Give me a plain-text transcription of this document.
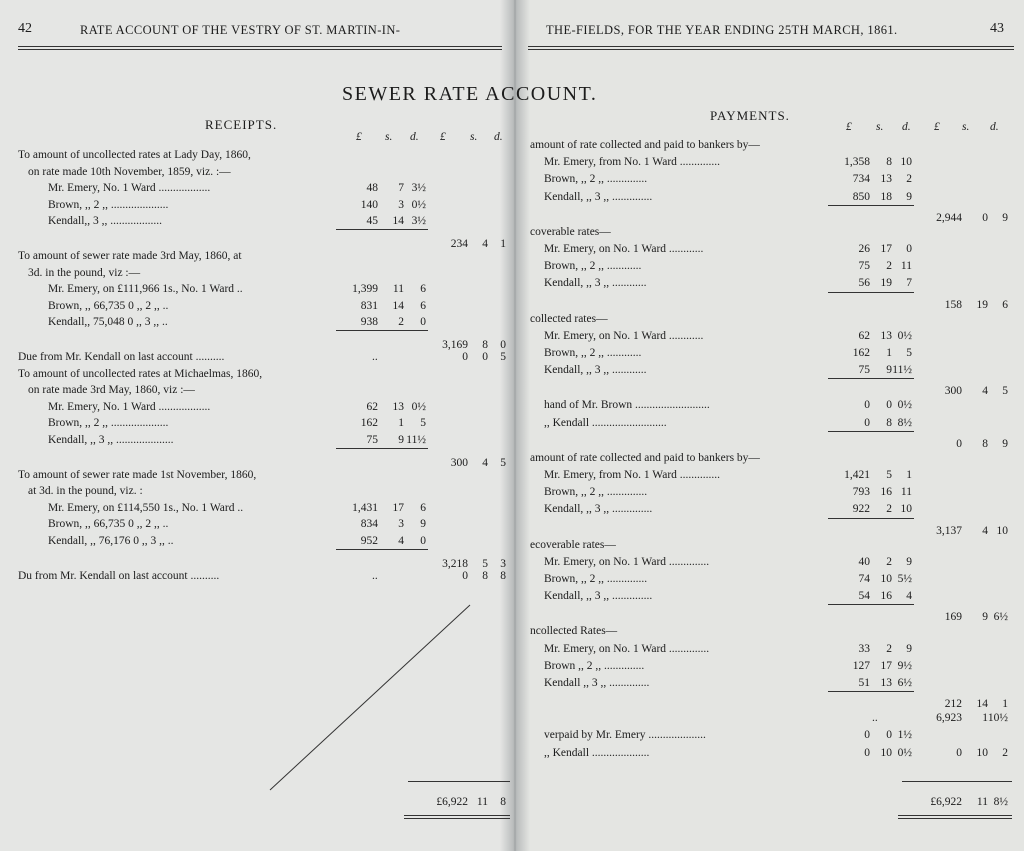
42	RATE ACCOUNT OF THE VESTRY OF ST. MARTIN-IN-	THE-FIELDS, FOR THE YEAR ENDING 25TH MARCH, 1861.	43
SEWER RATE ACCOUNT.
RECEIPTS.
PAYMENTS.
£ s. d. £ s. d.
To amount of uncollected rates at Lady Day, 1860,
on rate made 10th November, 1859, viz. :—
Mr. Emery, No. 1 Ward ..................	48	7 3½
Brown, ,, 2 ,, ....................	140	3 0½
Kendall,, 3 ,, ..................	45	14 3½
234	4	1
To amount of sewer rate made 3rd May, 1860, at
3d. in the pound, viz :—
Mr. Emery, on £111,966 1s., No. 1 Ward ..	1,399	11	6
Brown, ,, 66,735 0 ,, 2 ,, ..	831	14	6
Kendall,, 75,048 0 ,, 3 ,, ..	938	2	0
3,169	8	0
Due from Mr. Kendall on last account ..........	..	0	0	5
To amount of uncollected rates at Michaelmas, 1860,
on rate made 3rd May, 1860, viz :—
Mr. Emery, No. 1 Ward ..................	62	13 0½
Brown, ,, 2 ,, ....................	162	1	5
Kendall, ,, 3 ,, ....................	75	9 11½
300	4	5
To amount of sewer rate made 1st November, 1860,
at 3d. in the pound, viz. :
Mr. Emery, on £114,550 1s., No. 1 Ward ..	1,431	17	6
Brown, ,, 66,735 0 ,, 2 ,, ..	834	3	9
Kendall, ,, 76,176 0 ,, 3 ,, ..	952	4	0
3,218	5	3
Du from Mr. Kendall on last account ..........	..	0	8	8
£6,922 11	8
£ s. d. £ s. d.
amount of rate collected and paid to bankers by—
Mr. Emery, from No. 1 Ward ..............	1,358	8 10
Brown, ,, 2 ,, ..............	734 13	2
Kendall, ,, 3 ,, ..............	850 18	9
2,944	0	9
coverable rates—
Mr. Emery, on No. 1 Ward ............	26 17	0
Brown, ,, 2 ,, ............	75	2 11
Kendall, ,, 3 ,, ............	56 19	7
158	19	6
collected rates—
Mr. Emery, on No. 1 Ward ............	62 13 0½
Brown, ,, 2 ,, ............	162	1	5
Kendall, ,, 3 ,, ............	75	9 11½
300	4	5
hand of Mr. Brown ..........................	0	0 0½
,, Kendall ..........................	0	8 8½
0	8	9
amount of rate collected and paid to bankers by—
Mr. Emery, from No. 1 Ward ..............	1,421	5	1
Brown, ,, 2 ,, ..............	793 16 11
Kendall, ,, 3 ,, ..............	922	2 10
3,137	4 10
ecoverable rates—
Mr. Emery, on No. 1 Ward ..............	40	2	9
Brown, ,, 2 ,, ..............	74 10 5½
Kendall, ,, 3 ,, ..............	54 16	4
169	9 6½
ncollected Rates—
Mr. Emery, on No. 1 Ward ..............	33	2	9
Brown ,, 2 ,, ..............	127 17 9½
Kendall ,, 3 ,, ..............	51 13 6½
212	14	1
..	6,923	1 10½
verpaid by Mr. Emery ....................	0	0 1½
,, Kendall ....................	0 10 0½	0	10	2
£6,922	11 8½
